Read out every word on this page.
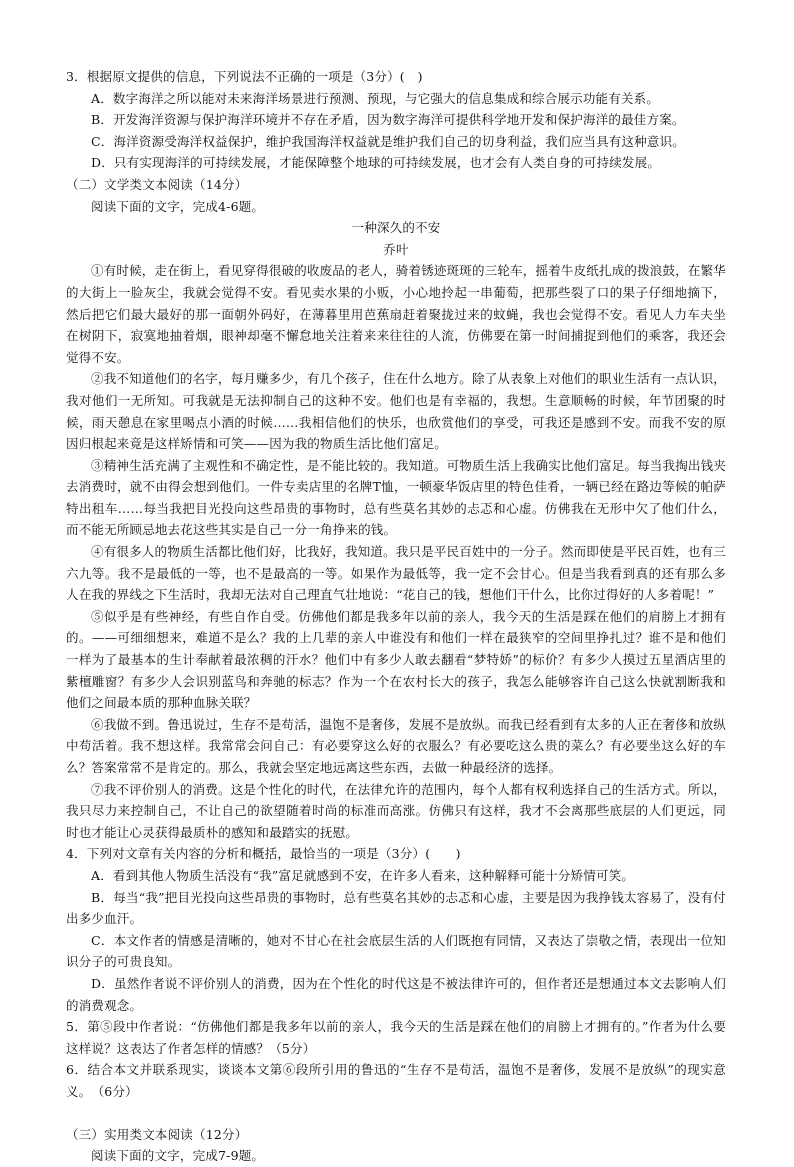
3．根据原文提供的信息，下列说法不正确的一项是（3分）(　)

A．数字海洋之所以能对未来海洋场景进行预测、预现，与它强大的信息集成和综合展示功能有关系。

B．开发海洋资源与保护海洋环境并不存在矛盾，因为数字海洋可提供科学地开发和保护海洋的最佳方案。

C．海洋资源受海洋权益保护，维护我国海洋权益就是维护我们自己的切身利益，我们应当具有这种意识。

D．只有实现海洋的可持续发展，才能保障整个地球的可持续发展，也才会有人类自身的可持续发展。

（二）文学类文本阅读（14分）

阅读下面的文字，完成4-6题。

一种深久的不安

乔叶

①有时候，走在街上，看见穿得很破的收废品的老人，骑着锈迹斑斑的三轮车，摇着牛皮纸扎成的拨浪鼓，在繁华的大街上一脸灰尘，我就会觉得不安。看见卖水果的小贩，小心地拎起一串葡萄，把那些裂了口的果子仔细地摘下，然后把它们最大最好的那一面朝外码好，在薄暮里用芭蕉扇赶着聚拢过来的蚊蝇，我也会觉得不安。看见人力车夫坐在树阴下，寂寞地抽着烟，眼神却毫不懈怠地关注着来来往往的人流，仿佛要在第一时间捕捉到他们的乘客，我还会觉得不安。

②我不知道他们的名字，每月赚多少，有几个孩子，住在什么地方。除了从表象上对他们的职业生活有一点认识，我对他们一无所知。可我就是无法抑制自己的这种不安。他们也是有幸福的，我想。生意顺畅的时候，年节团聚的时候，雨天憩息在家里喝点小酒的时候……我相信他们的快乐，也欣赏他们的享受，可我还是感到不安。而我不安的原因归根起来竟是这样矫情和可笑——因为我的物质生活比他们富足。

③精神生活充满了主观性和不确定性，是不能比较的。我知道。可物质生活上我确实比他们富足。每当我掏出钱夹去消费时，就不由得会想到他们。一件专卖店里的名牌T恤，一顿豪华饭店里的特色佳肴，一辆已经在路边等候的帕萨特出租车……每当我把目光投向这些昂贵的事物时，总有些莫名其妙的忐忑和心虚。仿佛我在无形中欠了他们什么，而不能无所顾忌地去花这些其实是自己一分一角挣来的钱。

④有很多人的物质生活都比他们好，比我好，我知道。我只是平民百姓中的一分子。然而即使是平民百姓，也有三六九等。我不是最低的一等，也不是最高的一等。如果作为最低等，我一定不会甘心。但是当我看到真的还有那么多人在我的界线之下生活时，我却无法对自己理直气壮地说：“花自己的钱，想他们干什么，比你过得好的人多着呢！”

⑤似乎是有些神经，有些自作自受。仿佛他们都是我多年以前的亲人，我今天的生活是踩在他们的肩膀上才拥有的。——可细细想来，难道不是么？我的上几辈的亲人中谁没有和他们一样在最狭窄的空间里挣扎过？谁不是和他们一样为了最基本的生计奉献着最浓稠的汗水？他们中有多少人敢去翻看“梦特娇”的标价？有多少人摸过五星酒店里的紫檀雕窗？有多少人会识别蓝鸟和奔驰的标志？作为一个在农村长大的孩子，我怎么能够容许自己这么快就割断我和他们之间最本质的那种血脉关联？

⑥我做不到。鲁迅说过，生存不是苟活，温饱不是奢侈，发展不是放纵。而我已经看到有太多的人正在奢侈和放纵中苟活着。我不想这样。我常常会问自己：有必要穿这么好的衣服么？有必要吃这么贵的菜么？有必要坐这么好的车么？答案常常不是肯定的。那么，我就会坚定地远离这些东西，去做一种最经济的选择。

⑦我不评价别人的消费。这是个性化的时代，在法律允许的范围内，每个人都有权利选择自己的生活方式。所以，我只尽力来控制自己，不让自己的欲望随着时尚的标准而高涨。仿佛只有这样，我才不会离那些底层的人们更远，同时也才能让心灵获得最质朴的感知和最踏实的抚慰。

4．下列对文章有关内容的分析和概括，最恰当的一项是（3分）(　　)

A．看到其他人物质生活没有“我”富足就感到不安，在许多人看来，这种解释可能十分矫情可笑。

B．每当“我”把目光投向这些昂贵的事物时，总有些莫名其妙的忐忑和心虚，主要是因为我挣钱太容易了，没有付出多少血汗。

C．本文作者的情感是清晰的，她对不甘心在社会底层生活的人们既抱有同情，又表达了崇敬之情，表现出一位知识分子的可贵良知。

D．虽然作者说不评价别人的消费，因为在个性化的时代这是不被法律许可的，但作者还是想通过本文去影响人们的消费观念。

5．第⑤段中作者说：“仿佛他们都是我多年以前的亲人，我今天的生活是踩在他们的肩膀上才拥有的。”作者为什么要这样说？这表达了作者怎样的情感？（5分）

6．结合本文并联系现实，谈谈本文第⑥段所引用的鲁迅的“生存不是苟活，温饱不是奢侈，发展不是放纵”的现实意义。　（6分）

（三）实用类文本阅读（12分）

阅读下面的文字，完成7-9题。
